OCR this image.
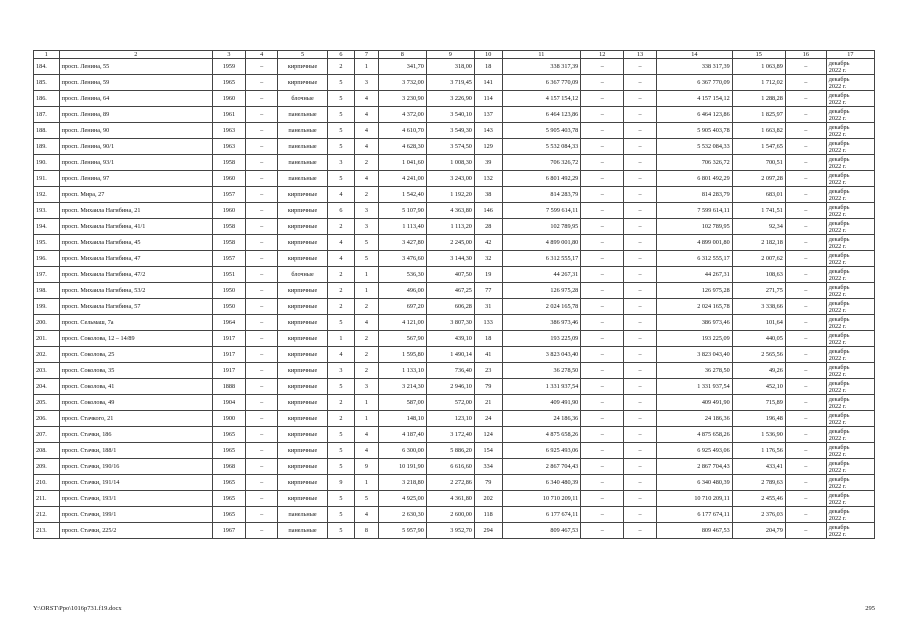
1	2	3	4	5	6	7	8	9	10	11	12	13	14	15	16	17
184.	просп. Ленина, 55	1959	–	кирпичные	2	1	341,70	318,00	18	338 317,39	–	–	338 317,39	1 063,89	–	декабрь
2022 г.

185.	просп. Ленина, 59	1965	–	кирпичные	5	3	3 732,00	3 719,45	141	6 367 770,09	–	–	6 367 770,09	1 712,02	–	декабрь
2022 г.

186.	просп. Ленина, 64	1960	–	блочные	5	4	3 230,90	3 226,90	114	4 157 154,12	–	–	4 157 154,12	1 288,28	–	декабрь
2022 г.

187.	просп. Ленина, 89	1961	–	панельные	5	4	4 372,00	3 540,10	137	6 464 123,86	–	–	6 464 123,86	1 825,97	–	декабрь
2022 г.

188.	просп. Ленина, 90	1963	–	панельные	5	4	4 610,70	3 549,30	143	5 905 403,78	–	–	5 905 403,78	1 663,82	–	декабрь
2022 г.

189.	просп. Ленина, 90/1	1963	–	панельные	5	4	4 628,30	3 574,50	129	5 532 084,33	–	–	5 532 084,33	1 547,65	–	декабрь
2022 г.

190.	просп. Ленина, 93/1	1958	–	панельные	3	2	1 041,60	1 008,30	39	706 326,72	–	–	706 326,72	700,51	–	декабрь
2022 г.

191.	просп. Ленина, 97	1960	–	панельные	5	4	4 241,00	3 243,00	132	6 801 492,29	–	–	6 801 492,29	2 097,28	–	декабрь
2022 г.

192.	просп. Мира, 27	1957	–	кирпичные	4	2	1 542,40	1 192,20	38	814 283,79	–	–	814 283,79	683,01	–	декабрь
2022 г.

193.	просп. Михаила Нагибина, 21	1960	–	кирпичные	6	3	5 107,90	4 363,80	146	7 599 614,11	–	–	7 599 614,11	1 741,51	–	декабрь
2022 г.

194.	просп. Михаила Нагибина, 41/1	1958	–	кирпичные	2	3	1 113,40	1 113,20	28	102 789,95	–	–	102 789,95	92,34	–	декабрь
2022 г.

195.	просп. Михаила Нагибина, 45	1958	–	кирпичные	4	5	3 427,80	2 245,00	42	4 899 001,80	–	–	4 899 001,80	2 182,18	–	декабрь
2022 г.

196.	просп. Михаила Нагибина, 47	1957	–	кирпичные	4	5	3 476,60	3 144,30	32	6 312 555,17	–	–	6 312 555,17	2 007,62	–	декабрь
2022 г.

197.	просп. Михаила Нагибина, 47/2	1951	–	блочные	2	1	536,30	407,50	19	44 267,31	–	–	44 267,31	108,63	–	декабрь
2022 г.

198.	просп. Михаила Нагибина, 53/2	1950	–	кирпичные	2	1	496,00	467,25	77	126 975,28	–	–	126 975,28	271,75	–	декабрь
2022 г.

199.	просп. Михаила Нагибина, 57	1950	–	кирпичные	2	2	697,20	606,28	31	2 024 165,78	–	–	2 024 165,78	3 338,66	–	декабрь
2022 г.

200.	просп. Сельмаш, 7а	1964	–	кирпичные	5	4	4 121,00	3 807,30	133	386 973,46	–	–	386 973,46	101,64	–	декабрь
2022 г.

201.	просп. Соколова, 12 – 14/89	1917	–	кирпичные	1	2	567,90	439,10	18	193 225,09	–	–	193 225,09	440,05	–	декабрь
2022 г.

202.	просп. Соколова, 25	1917	–	кирпичные	4	2	1 595,80	1 490,14	41	3 823 043,40	–	–	3 823 043,40	2 565,56	–	декабрь
2022 г.

203.	просп. Соколова, 35	1917	–	кирпичные	3	2	1 133,10	736,40	23	36 278,50	–	–	36 278,50	49,26	–	декабрь
2022 г.

204.	просп. Соколова, 41	1888	–	кирпичные	5	3	3 214,30	2 946,10	79	1 331 937,54	–	–	1 331 937,54	452,10	–	декабрь
2022 г.

205.	просп. Соколова, 49	1904	–	кирпичные	2	1	587,00	572,00	21	409 491,90	–	–	409 491,90	715,89	–	декабрь
2022 г.

206.	просп. Стачкого, 21	1900	–	кирпичные	2	1	148,10	123,10	24	24 186,36	–	–	24 186,36	196,48	–	декабрь
2022 г.

207.	просп. Стачки, 186	1965	–	кирпичные	5	4	4 187,40	3 172,40	124	4 875 658,26	–	–	4 875 658,26	1 536,90	–	декабрь
2022 г.

208.	просп. Стачки, 188/1	1965	–	кирпичные	5	4	6 300,00	5 886,20	154	6 925 493,06	–	–	6 925 493,06	1 176,56	–	декабрь
2022 г.

209.	просп. Стачки, 190/16	1968	–	кирпичные	5	9	10 191,90	6 616,60	334	2 867 704,43	–	–	2 867 704,43	433,41	–	декабрь
2022 г.

210.	просп. Стачки, 191/14	1965	–	кирпичные	9	1	3 218,80	2 272,86	79	6 340 480,39	–	–	6 340 480,39	2 789,63	–	декабрь
2022 г.

211.	просп. Стачки, 193/1	1965	–	кирпичные	5	5	4 925,00	4 361,80	202	10 710 209,11	–	–	10 710 209,11	2 455,46	–	декабрь
2022 г.

212.	просп. Стачки, 199/1	1965	–	панельные	5	4	2 630,30	2 600,00	118	6 177 674,11	–	–	6 177 674,11	2 376,03	–	декабрь
2022 г.

213.	просп. Стачки, 225/2	1967	–	панельные	5	8	5 957,90	3 952,70	294	809 467,53	–	–	809 467,53	204,79	–	декабрь
2022 г.
Y:\ORST\Ppo\1016p731.f19.docx	295
